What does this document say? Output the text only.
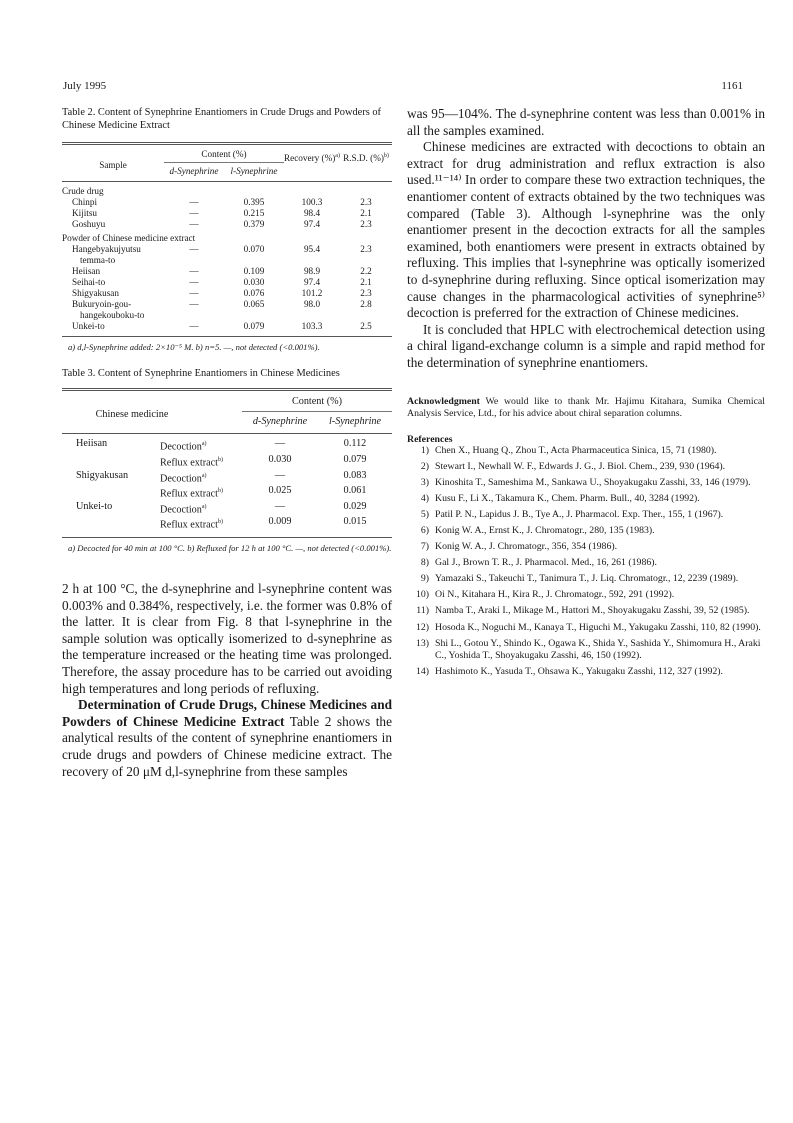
July 1995	1161

Table 2. Content of Synephrine Enantiomers in Crude Drugs and Powders of Chinese Medicine Extract

Sample	Content (%)		Recovery (%)$^{a)}$	R.S.D. (%)$^{b)}$
	d-Synephrine	l-Synephrine		

Crude drug				
Chinpi	—	0.395	100.3	2.3
Kijitsu	—	0.215	98.4	2.1
Goshuyu	—	0.379	97.4	2.3

Powder of Chinese medicine extract				
Hangebyakujyutsu	—	0.070	95.4	2.3
temma-to				
Heiisan	—	0.109	98.9	2.2
Seihai-to	—	0.030	97.4	2.1
Shigyakusan	—	0.076	101.2	2.3
Bukuryoin-gou-	—	0.065	98.0	2.8
hangekouboku-to				
Unkei-to	—	0.079	103.3	2.5

a) d,l-Synephrine added: 2×10⁻⁵ M. b) n=5. —, not detected (<0.001%).

Table 3. Content of Synephrine Enantiomers in Chinese Medicines

Chinese medicine		Content (%)	
		d-Synephrine	l-Synephrine

Heiisan	Decoction$^{a)}$	—	0.112
	Reflux extract$^{b)}$	0.030	0.079
Shigyakusan	Decoction$^{a)}$	—	0.083
	Reflux extract$^{b)}$	0.025	0.061
Unkei-to	Decoction$^{a)}$	—	0.029
	Reflux extract$^{b)}$	0.009	0.015

a) Decocted for 40 min at 100 °C. b) Refluxed for 12 h at 100 °C. —, not detected (<0.001%).

2 h at 100 °C, the d-synephrine and l-synephrine content was 0.003% and 0.384%, respectively, i.e. the former was 0.8% of the latter. It is clear from Fig. 8 that l-synephrine in the sample solution was optically isomerized to d-synephrine as the temperature increased or the heating time was prolonged. Therefore, the assay procedure has to be carried out avoiding high temperatures and long periods of refluxing.

Determination of Crude Drugs, Chinese Medicines and Powders of Chinese Medicine Extract Table 2 shows the analytical results of the content of synephrine enantiomers in crude drugs and powders of Chinese medicine extract. The recovery of 20 μM d,l-synephrine from these samples

was 95—104%. The d-synephrine content was less than 0.001% in all the samples examined.

Chinese medicines are extracted with decoctions to obtain an extract for drug administration and reflux extraction is also used.¹¹⁻¹⁴⁾ In order to compare these two extraction techniques, the enantiomer content of extracts obtained by the two techniques was compared (Table 3). Although l-synephrine was the only enantiomer present in the decoction extracts for all the samples examined, both enantiomers were present in extracts obtained by refluxing. This implies that l-synephrine was optically isomerized to d-synephrine during refluxing. Since optical isomerization may cause changes in the pharmacological activities of synephrine⁵⁾ decoction is preferred for the extraction of Chinese medicines.

It is concluded that HPLC with electrochemical detection using a chiral ligand-exchange column is a simple and rapid method for the determination of synephrine enantiomers.

Acknowledgment We would like to thank Mr. Hajimu Kitahara, Sumika Chemical Analysis Service, Ltd., for his advice about chiral separation columns.
References
1) Chen X., Huang Q., Zhou T., Acta Pharmaceutica Sinica, 15, 71 (1980).
2) Stewart I., Newhall W. F., Edwards J. G., J. Biol. Chem., 239, 930 (1964).
3) Kinoshita T., Sameshima M., Sankawa U., Shoyakugaku Zasshi, 33, 146 (1979).
4) Kusu F., Li X., Takamura K., Chem. Pharm. Bull., 40, 3284 (1992).
5) Patil P. N., Lapidus J. B., Tye A., J. Pharmacol. Exp. Ther., 155, 1 (1967).
6) Konig W. A., Ernst K., J. Chromatogr., 280, 135 (1983).
7) Konig W. A., J. Chromatogr., 356, 354 (1986).
8) Gal J., Brown T. R., J. Pharmacol. Med., 16, 261 (1986).
9) Yamazaki S., Takeuchi T., Tanimura T., J. Liq. Chromatogr., 12, 2239 (1989).
10) Oi N., Kitahara H., Kira R., J. Chromatogr., 592, 291 (1992).
11) Namba T., Araki I., Mikage M., Hattori M., Shoyakugaku Zasshi, 39, 52 (1985).
12) Hosoda K., Noguchi M., Kanaya T., Higuchi M., Yakugaku Zasshi, 110, 82 (1990).
13) Shi L., Gotou Y., Shindo K., Ogawa K., Shida Y., Sashida Y., Shimomura H., Araki C., Yoshida T., Shoyakugaku Zasshi, 46, 150 (1992).
14) Hashimoto K., Yasuda T., Ohsawa K., Yakugaku Zasshi, 112, 327 (1992).
